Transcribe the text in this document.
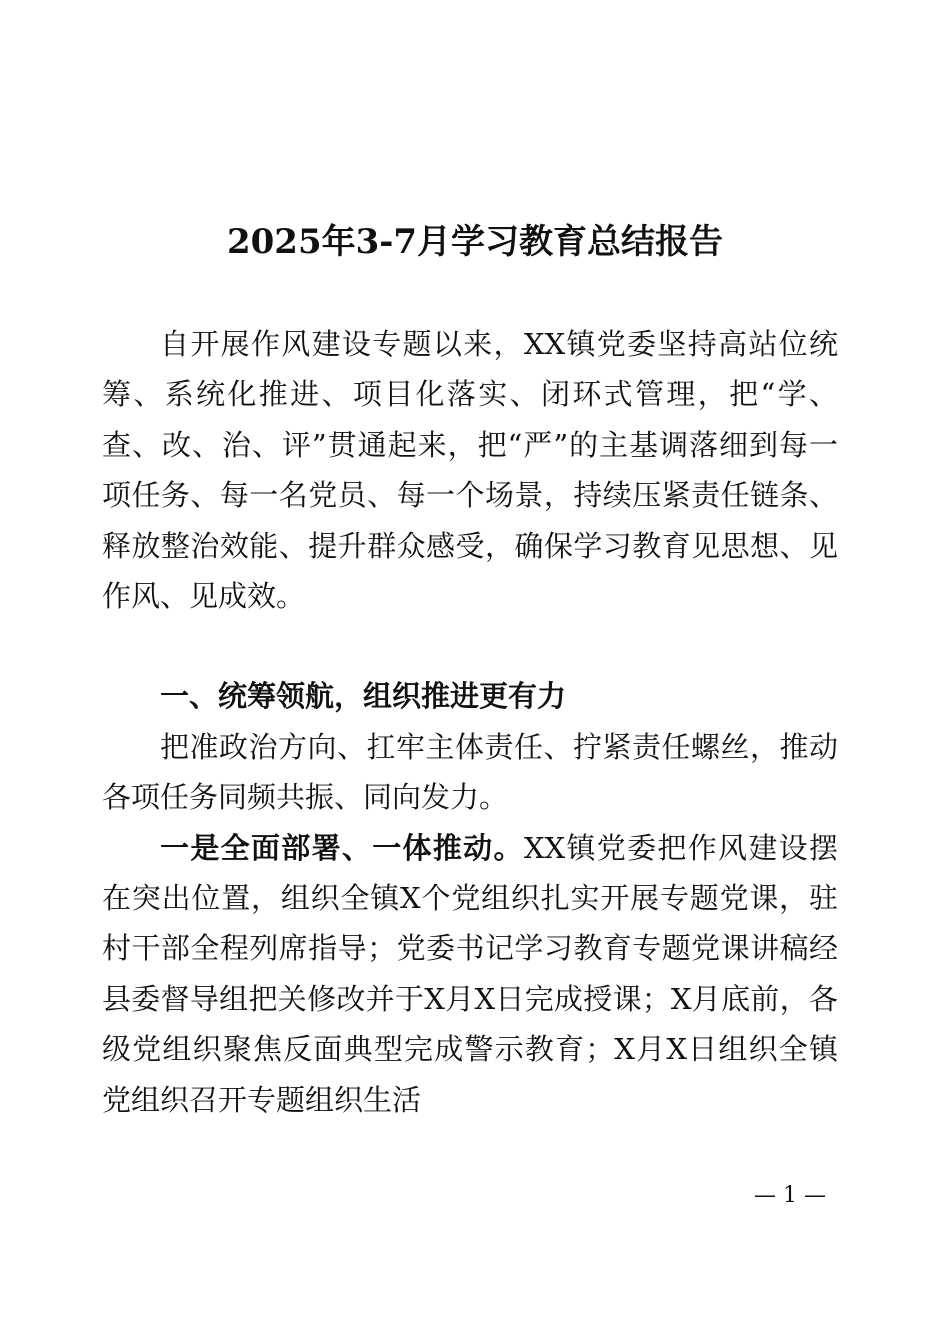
2025年3-7月学习教育总结报告

自开展作风建设专题以来，XX镇党委坚持高站位统筹、系统化推进、项目化落实、闭环式管理，把“学、查、改、治、评”贯通起来，把“严”的主基调落细到每一项任务、每一名党员、每一个场景，持续压紧责任链条、释放整治效能、提升群众感受，确保学习教育见思想、见作风、见成效。

一、统筹领航，组织推进更有力

把准政治方向、扛牢主体责任、拧紧责任螺丝，推动各项任务同频共振、同向发力。

一是全面部署、一体推动。XX镇党委把作风建设摆在突出位置，组织全镇X个党组织扎实开展专题党课，驻村干部全程列席指导；党委书记学习教育专题党课讲稿经县委督导组把关修改并于X月X日完成授课；X月底前，各级党组织聚焦反面典型完成警示教育；X月X日组织全镇党组织召开专题组织生活

— 1 —
